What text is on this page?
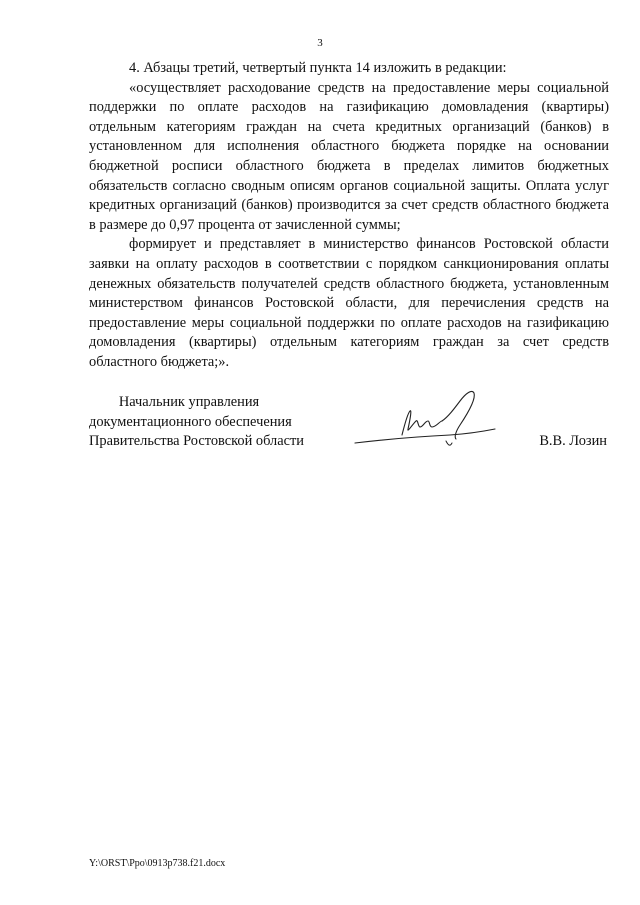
3

4. Абзацы третий, четвертый пункта 14 изложить в редакции:

«осуществляет расходование средств на предоставление меры социальной поддержки по оплате расходов на газификацию домовладения (квартиры) отдельным категориям граждан на счета кредитных организаций (банков) в установленном для исполнения областного бюджета порядке на основании бюджетной росписи областного бюджета в пределах лимитов бюджетных обязательств согласно сводным описям органов социальной защиты. Оплата услуг кредитных организаций (банков) производится за счет средств областного бюджета в размере до 0,97 процента от зачисленной суммы;

формирует и представляет в министерство финансов Ростовской области заявки на оплату расходов в соответствии с порядком санкционирования оплаты денежных обязательств получателей средств областного бюджета, установленным министерством финансов Ростовской области, для перечисления средств на предоставление меры социальной поддержки по оплате расходов на газификацию домовладения (квартиры) отдельным категориям граждан за счет средств областного бюджета;».

Начальник управления
документационного обеспечения
Правительства Ростовской области	В.В. Лозин
Y:\ORST\Ppo\0913p738.f21.docx
